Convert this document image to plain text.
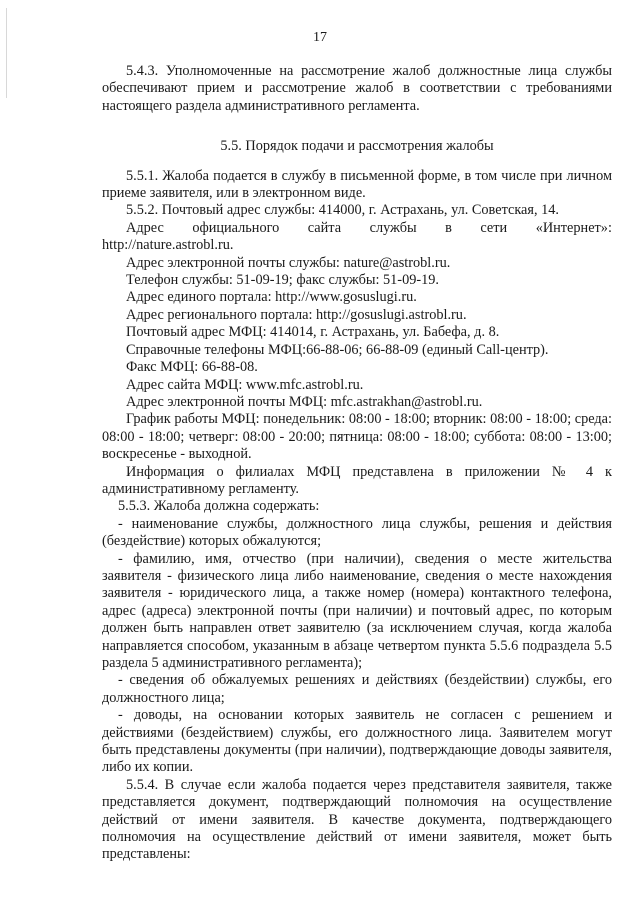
17

5.4.3. Уполномоченные на рассмотрение жалоб должностные лица службы обеспечивают прием и рассмотрение жалоб в соответствии с требованиями настоящего раздела административного регламента.

5.5. Порядок подачи и рассмотрения жалобы

5.5.1. Жалоба подается в службу в письменной форме, в том числе при личном приеме заявителя, или в электронном виде.

5.5.2. Почтовый адрес службы: 414000, г. Астрахань, ул. Советская, 14.

Адрес официального сайта службы в сети «Интернет»:

http://nature.astrobl.ru.

Адрес электронной почты службы: nature@astrobl.ru.

Телефон службы: 51-09-19; факс службы: 51-09-19.

Адрес единого портала: http://www.gosuslugi.ru.

Адрес регионального портала: http://gosuslugi.astrobl.ru.

Почтовый адрес МФЦ: 414014, г. Астрахань, ул. Бабефа, д. 8.

Справочные телефоны МФЦ:66-88-06; 66-88-09 (единый Call-центр).

Факс МФЦ: 66-88-08.

Адрес сайта МФЦ: www.mfc.astrobl.ru.

Адрес электронной почты МФЦ: mfc.astrakhan@astrobl.ru.

График работы МФЦ: понедельник: 08:00 - 18:00; вторник: 08:00 - 18:00; среда: 08:00 - 18:00; четверг: 08:00 - 20:00; пятница: 08:00 - 18:00; суббота: 08:00 - 13:00; воскресенье - выходной.

Информация о филиалах МФЦ представлена в приложении № 4 к административному регламенту.

5.5.3. Жалоба должна содержать:

- наименование службы, должностного лица службы, решения и действия (бездействие) которых обжалуются;

- фамилию, имя, отчество (при наличии), сведения о месте жительства заявителя - физического лица либо наименование, сведения о месте нахождения заявителя - юридического лица, а также номер (номера) контактного телефона, адрес (адреса) электронной почты (при наличии) и почтовый адрес, по которым должен быть направлен ответ заявителю (за исключением случая, когда жалоба направляется способом, указанным в абзаце четвертом пункта 5.5.6 подраздела 5.5 раздела 5 административного регламента);

- сведения об обжалуемых решениях и действиях (бездействии) службы, его должностного лица;

- доводы, на основании которых заявитель не согласен с решением и действиями (бездействием) службы, его должностного лица. Заявителем могут быть представлены документы (при наличии), подтверждающие доводы заявителя, либо их копии.

5.5.4. В случае если жалоба подается через представителя заявителя, также представляется документ, подтверждающий полномочия на осуществление действий от имени заявителя. В качестве документа, подтверждающего полномочия на осуществление действий от имени заявителя, может быть представлены:
